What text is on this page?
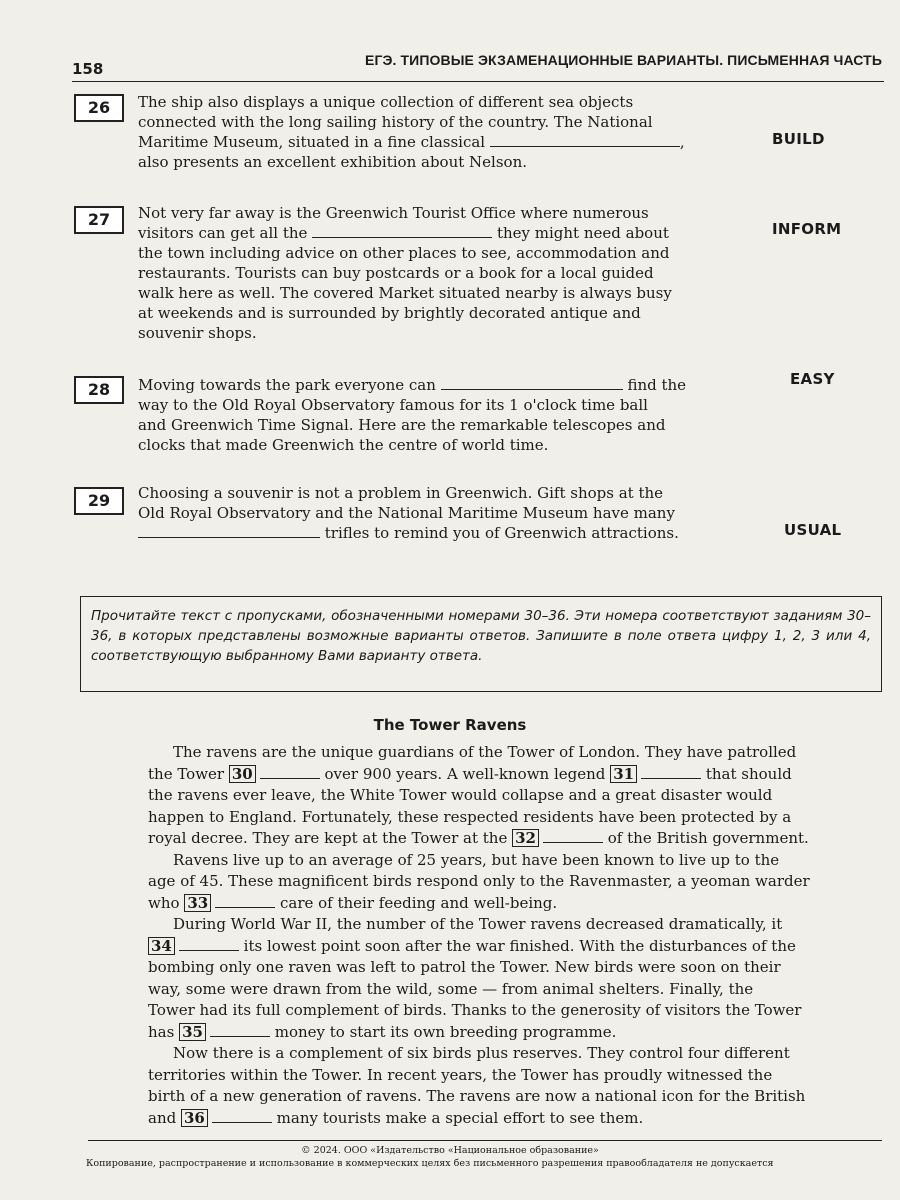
158	ЕГЭ. ТИПОВЫЕ ЭКЗАМЕНАЦИОННЫЕ ВАРИАНТЫ. ПИСЬМЕННАЯ ЧАСТЬ
26	The ship also displays a unique collection of different sea objects

connected with the long sailing history of the country. The National

Maritime Museum, situated in a fine classical	,

also presents an excellent exhibition about Nelson.

BUILD
27	Not very far away is the Greenwich Tourist Office where numerous

visitors can get all the	they might need about

the town including advice on other places to see, accommodation and

restaurants. Tourists can buy postcards or a book for a local guided

walk here as well. The covered Market situated nearby is always busy

at weekends and is surrounded by brightly decorated antique and

souvenir shops.

INFORM
28	Moving towards the park everyone can	find the

way to the Old Royal Observatory famous for its 1 o'clock time ball

and Greenwich Time Signal. Here are the remarkable telescopes and

clocks that made Greenwich the centre of world time.

EASY
29	Choosing a souvenir is not a problem in Greenwich. Gift shops at the

Old Royal Observatory and the National Maritime Museum have many

trifles to remind you of Greenwich attractions.	USUAL

Прочитайте текст с пропусками, обозначенными номерами 30–36. Эти номера соответствуют заданиям 30–36, в которых представлены возможные варианты ответов. Запишите в поле ответа цифру 1, 2, 3 или 4, соответствующую выбранному Вами варианту ответа.

The Tower Ravens
The ravens are the unique guardians of the Tower of London. They have patrolled
the Tower 30	over 900 years. A well-known legend 31	that should
the ravens ever leave, the White Tower would collapse and a great disaster would
happen to England. Fortunately, these respected residents have been protected by a
royal decree. They are kept at the Tower at the 32	of the British government.
Ravens live up to an average of 25 years, but have been known to live up to the
age of 45. These magnificent birds respond only to the Ravenmaster, a yeoman warder
who 33	care of their feeding and well-being.
During World War II, the number of the Tower ravens decreased dramatically, it
34	its lowest point soon after the war finished. With the disturbances of the
bombing only one raven was left to patrol the Tower. New birds were soon on their
way, some were drawn from the wild, some — from animal shelters. Finally, the
Tower had its full complement of birds. Thanks to the generosity of visitors the Tower
has 35	money to start its own breeding programme.
Now there is a complement of six birds plus reserves. They control four different
territories within the Tower. In recent years, the Tower has proudly witnessed the
birth of a new generation of ravens. The ravens are now a national icon for the British
and 36	many tourists make a special effort to see them.
© 2024. ООО «Издательство «Национальное образование»
Копирование, распространение и использование в коммерческих целях без письменного разрешения правообладателя не допускается
